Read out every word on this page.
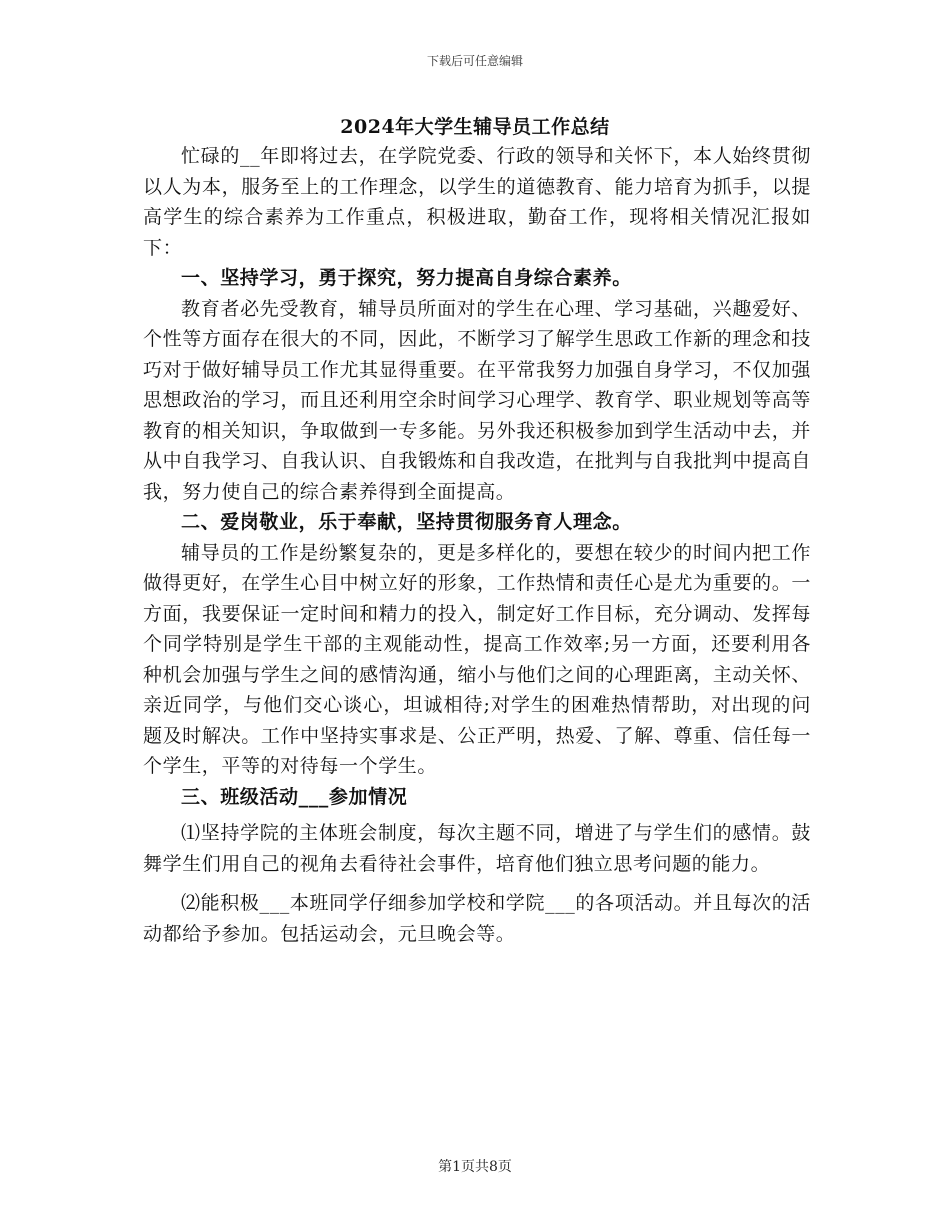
下载后可任意编辑
2024年大学生辅导员工作总结

忙碌的__年即将过去，在学院党委、行政的领导和关怀下，本人始终贯彻以人为本，服务至上的工作理念，以学生的道德教育、能力培育为抓手，以提高学生的综合素养为工作重点，积极进取，勤奋工作，现将相关情况汇报如下：

一、坚持学习，勇于探究，努力提高自身综合素养。

教育者必先受教育，辅导员所面对的学生在心理、学习基础，兴趣爱好、个性等方面存在很大的不同，因此，不断学习了解学生思政工作新的理念和技巧对于做好辅导员工作尤其显得重要。在平常我努力加强自身学习，不仅加强思想政治的学习，而且还利用空余时间学习心理学、教育学、职业规划等高等教育的相关知识，争取做到一专多能。另外我还积极参加到学生活动中去，并从中自我学习、自我认识、自我锻炼和自我改造，在批判与自我批判中提高自我，努力使自己的综合素养得到全面提高。

二、爱岗敬业，乐于奉献，坚持贯彻服务育人理念。

辅导员的工作是纷繁复杂的，更是多样化的，要想在较少的时间内把工作做得更好，在学生心目中树立好的形象，工作热情和责任心是尤为重要的。一方面，我要保证一定时间和精力的投入，制定好工作目标，充分调动、发挥每个同学特别是学生干部的主观能动性，提高工作效率;另一方面，还要利用各种机会加强与学生之间的感情沟通，缩小与他们之间的心理距离，主动关怀、亲近同学，与他们交心谈心，坦诚相待;对学生的困难热情帮助，对出现的问题及时解决。工作中坚持实事求是、公正严明，热爱、了解、尊重、信任每一个学生，平等的对待每一个学生。

三、班级活动___参加情况

⑴坚持学院的主体班会制度，每次主题不同，增进了与学生们的感情。鼓舞学生们用自己的视角去看待社会事件，培育他们独立思考问题的能力。

⑵能积极___本班同学仔细参加学校和学院___的各项活动。并且每次的活动都给予参加。包括运动会，元旦晚会等。

第1页共8页
